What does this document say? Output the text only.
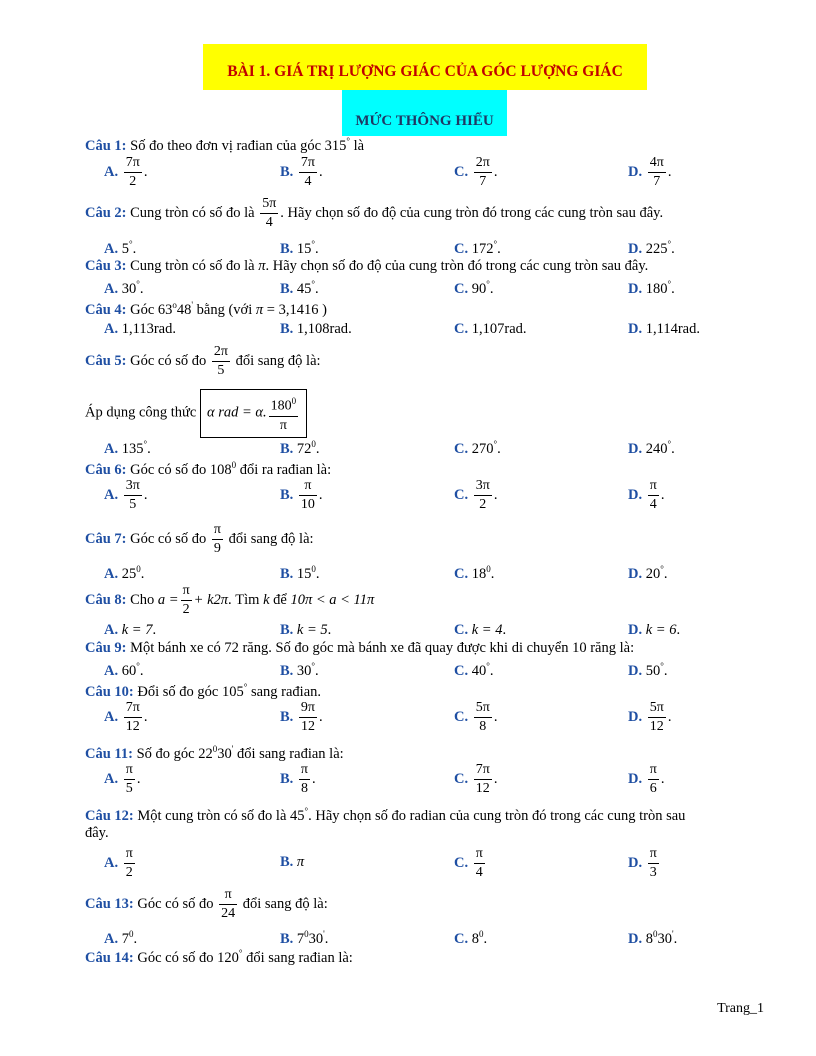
BÀI 1. GIÁ TRỊ LƯỢNG GIÁC CỦA GÓC LƯỢNG GIÁC
MỨC THÔNG HIỂU
Câu 1: Số đo theo đơn vị rađian của góc 315° là
A. $\frac{7\pi}{2}$ .	B. $\frac{7\pi}{4}$ .	C. $\frac{2\pi}{7}$ .	D. $\frac{4\pi}{7}$ .
Câu 2: Cung tròn có số đo là $\frac{5\pi}{4}$ . Hãy chọn số đo độ của cung tròn đó trong các cung tròn sau đây.
A. 5°.	B. 15°.	C. 172°.	D. 225°.
Câu 3: Cung tròn có số đo là π. Hãy chọn số đo độ của cung tròn đó trong các cung tròn sau đây.
A. 30°.	B. 45°.	C. 90°.	D. 180°.
Câu 4: Góc 63$^o$48' bằng (với π = 3,1416 )
A. 1,113rad.	B. 1,108rad.	C. 1,107rad.	D. 1,114rad.
Câu 5: Góc có số đo $\frac{2\pi}{5}$ đổi sang độ là:
Áp dụng công thức α rad = α. $\frac{180^0}{\pi}$
A. 135°.	B. $72^0$.	C. 270°.	D. 240°.
Câu 6: Góc có số đo $108^0$ đổi ra rađian là:
A. $\frac{3\pi}{5}$ .	B. $\frac{\pi}{10}$ .	C. $\frac{3\pi}{2}$ .	D. $\frac{\pi}{4}$ .
Câu 7: Góc có số đo $\frac{\pi}{9}$ đổi sang độ là:
A. $25^0$.	B. $15^0$.	C. $18^0$.	D. 20°.
Câu 8: Cho $a = \frac{\pi}{2} + k2\pi$. Tìm k để 10π < a < 11π
A. k = 7.	B. k = 5.	C. k = 4.	D. k = 6.
Câu 9: Một bánh xe có 72 răng. Số đo góc mà bánh xe đã quay được khi di chuyển 10 răng là:
A. 60°.	B. 30°.	C. 40°.	D. 50°.
Câu 10: Đổi số đo góc 105° sang rađian.
A. $\frac{7\pi}{12}$ .	B. $\frac{9\pi}{12}$ .	C. $\frac{5\pi}{8}$ .	D. $\frac{5\pi}{12}$ .
Câu 11: Số đo góc $22^030'$ đổi sang rađian là:
A. $\frac{\pi}{5}$ .	B. $\frac{\pi}{8}$ .	C. $\frac{7\pi}{12}$ .	D. $\frac{\pi}{6}$ .
Câu 12: Một cung tròn có số đo là 45°. Hãy chọn số đo radian của cung tròn đó trong các cung tròn sau
đây.
A. $\frac{\pi}{2}$	B. π	C. $\frac{\pi}{4}$	D. $\frac{\pi}{3}$
Câu 13: Góc có số đo $\frac{\pi}{24}$ đổi sang độ là:
A. $7^0$.	B. $7^030'$.	C. $8^0$.	D. $8^030'$.
Câu 14: Góc có số đo 120° đổi sang rađian là:
Trang_1
